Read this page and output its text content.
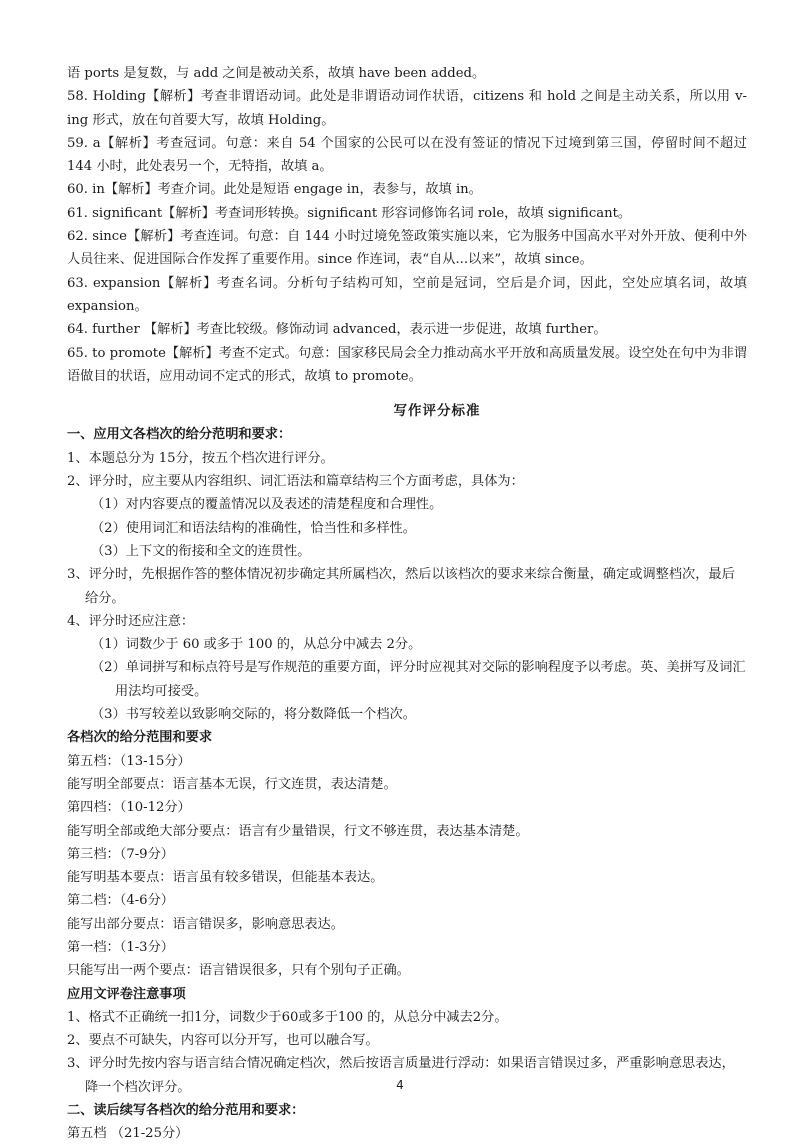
语 ports 是复数，与 add 之间是被动关系，故填 have been added。

58. Holding【解析】考查非谓语动词。此处是非谓语动词作状语，citizens 和 hold 之间是主动关系，所以用 v-ing 形式，放在句首要大写，故填 Holding。

59. a【解析】考查冠词。句意：来自 54 个国家的公民可以在没有签证的情况下过境到第三国，停留时间不超过 144 小时，此处表另一个，无特指，故填 a。

60. in【解析】考查介词。此处是短语 engage in，表参与，故填 in。

61. significant【解析】考查词形转换。significant 形容词修饰名词 role，故填 significant。

62. since【解析】考查连词。句意：自 144 小时过境免签政策实施以来，它为服务中国高水平对外开放、便利中外人员往来、促进国际合作发挥了重要作用。since 作连词，表“自从...以来”，故填 since。

63. expansion【解析】考查名词。分析句子结构可知，空前是冠词，空后是介词，因此，空处应填名词，故填 expansion。

64. further 【解析】考查比较级。修饰动词 advanced，表示进一步促进，故填 further。

65. to promote【解析】考查不定式。句意：国家移民局会全力推动高水平开放和高质量发展。设空处在句中为非谓语做目的状语，应用动词不定式的形式，故填 to promote。

写作评分标准

一、应用文各档次的给分范明和要求：

1、本题总分为 15分，按五个档次进行评分。

2、评分时，应主要从内容组织、词汇语法和篇章结构三个方面考虑，具体为：

（1）对内容要点的覆盖情况以及表述的清楚程度和合理性。

（2）使用词汇和语法结构的准确性，恰当性和多样性。

（3）上下文的衔接和全文的连贯性。

3、评分时，先根据作答的整体情况初步确定其所属档次，然后以该档次的要求来综合衡量，确定或调整档次，最后给分。

4、评分时还应注意：

（1）词数少于 60 或多于 100 的，从总分中减去 2分。

（2）单词拼写和标点符号是写作规范的重要方面，评分时应视其对交际的影响程度予以考虑。英、美拼写及词汇用法均可接受。

（3）书写较差以致影响交际的，将分数降低一个档次。

各档次的给分范围和要求

第五档：（13-15分）

能写明全部要点：语言基本无误，行文连贯，表达清楚。

第四档：（10-12分）

能写明全部或绝大部分要点：语言有少量错误，行文不够连贯，表达基本清楚。

第三档：（7-9分）

能写明基本要点：语言虽有较多错误，但能基本表达。

第二档：（4-6分）

能写出部分要点：语言错误多，影响意思表达。

第一档：（1-3分）

只能写出一两个要点：语言错误很多，只有个别句子正确。

应用文评卷注意事项

1、格式不正确统一扣1分，词数少于60或多于100 的，从总分中减去2分。

2、要点不可缺失，内容可以分开写，也可以融合写。

3、评分时先按内容与语言结合情况确定档次，然后按语言质量进行浮动：如果语言错误过多，严重影响意思表达，降一个档次评分。

二、读后续写各档次的给分范用和要求：

第五档 （21-25分）

4
